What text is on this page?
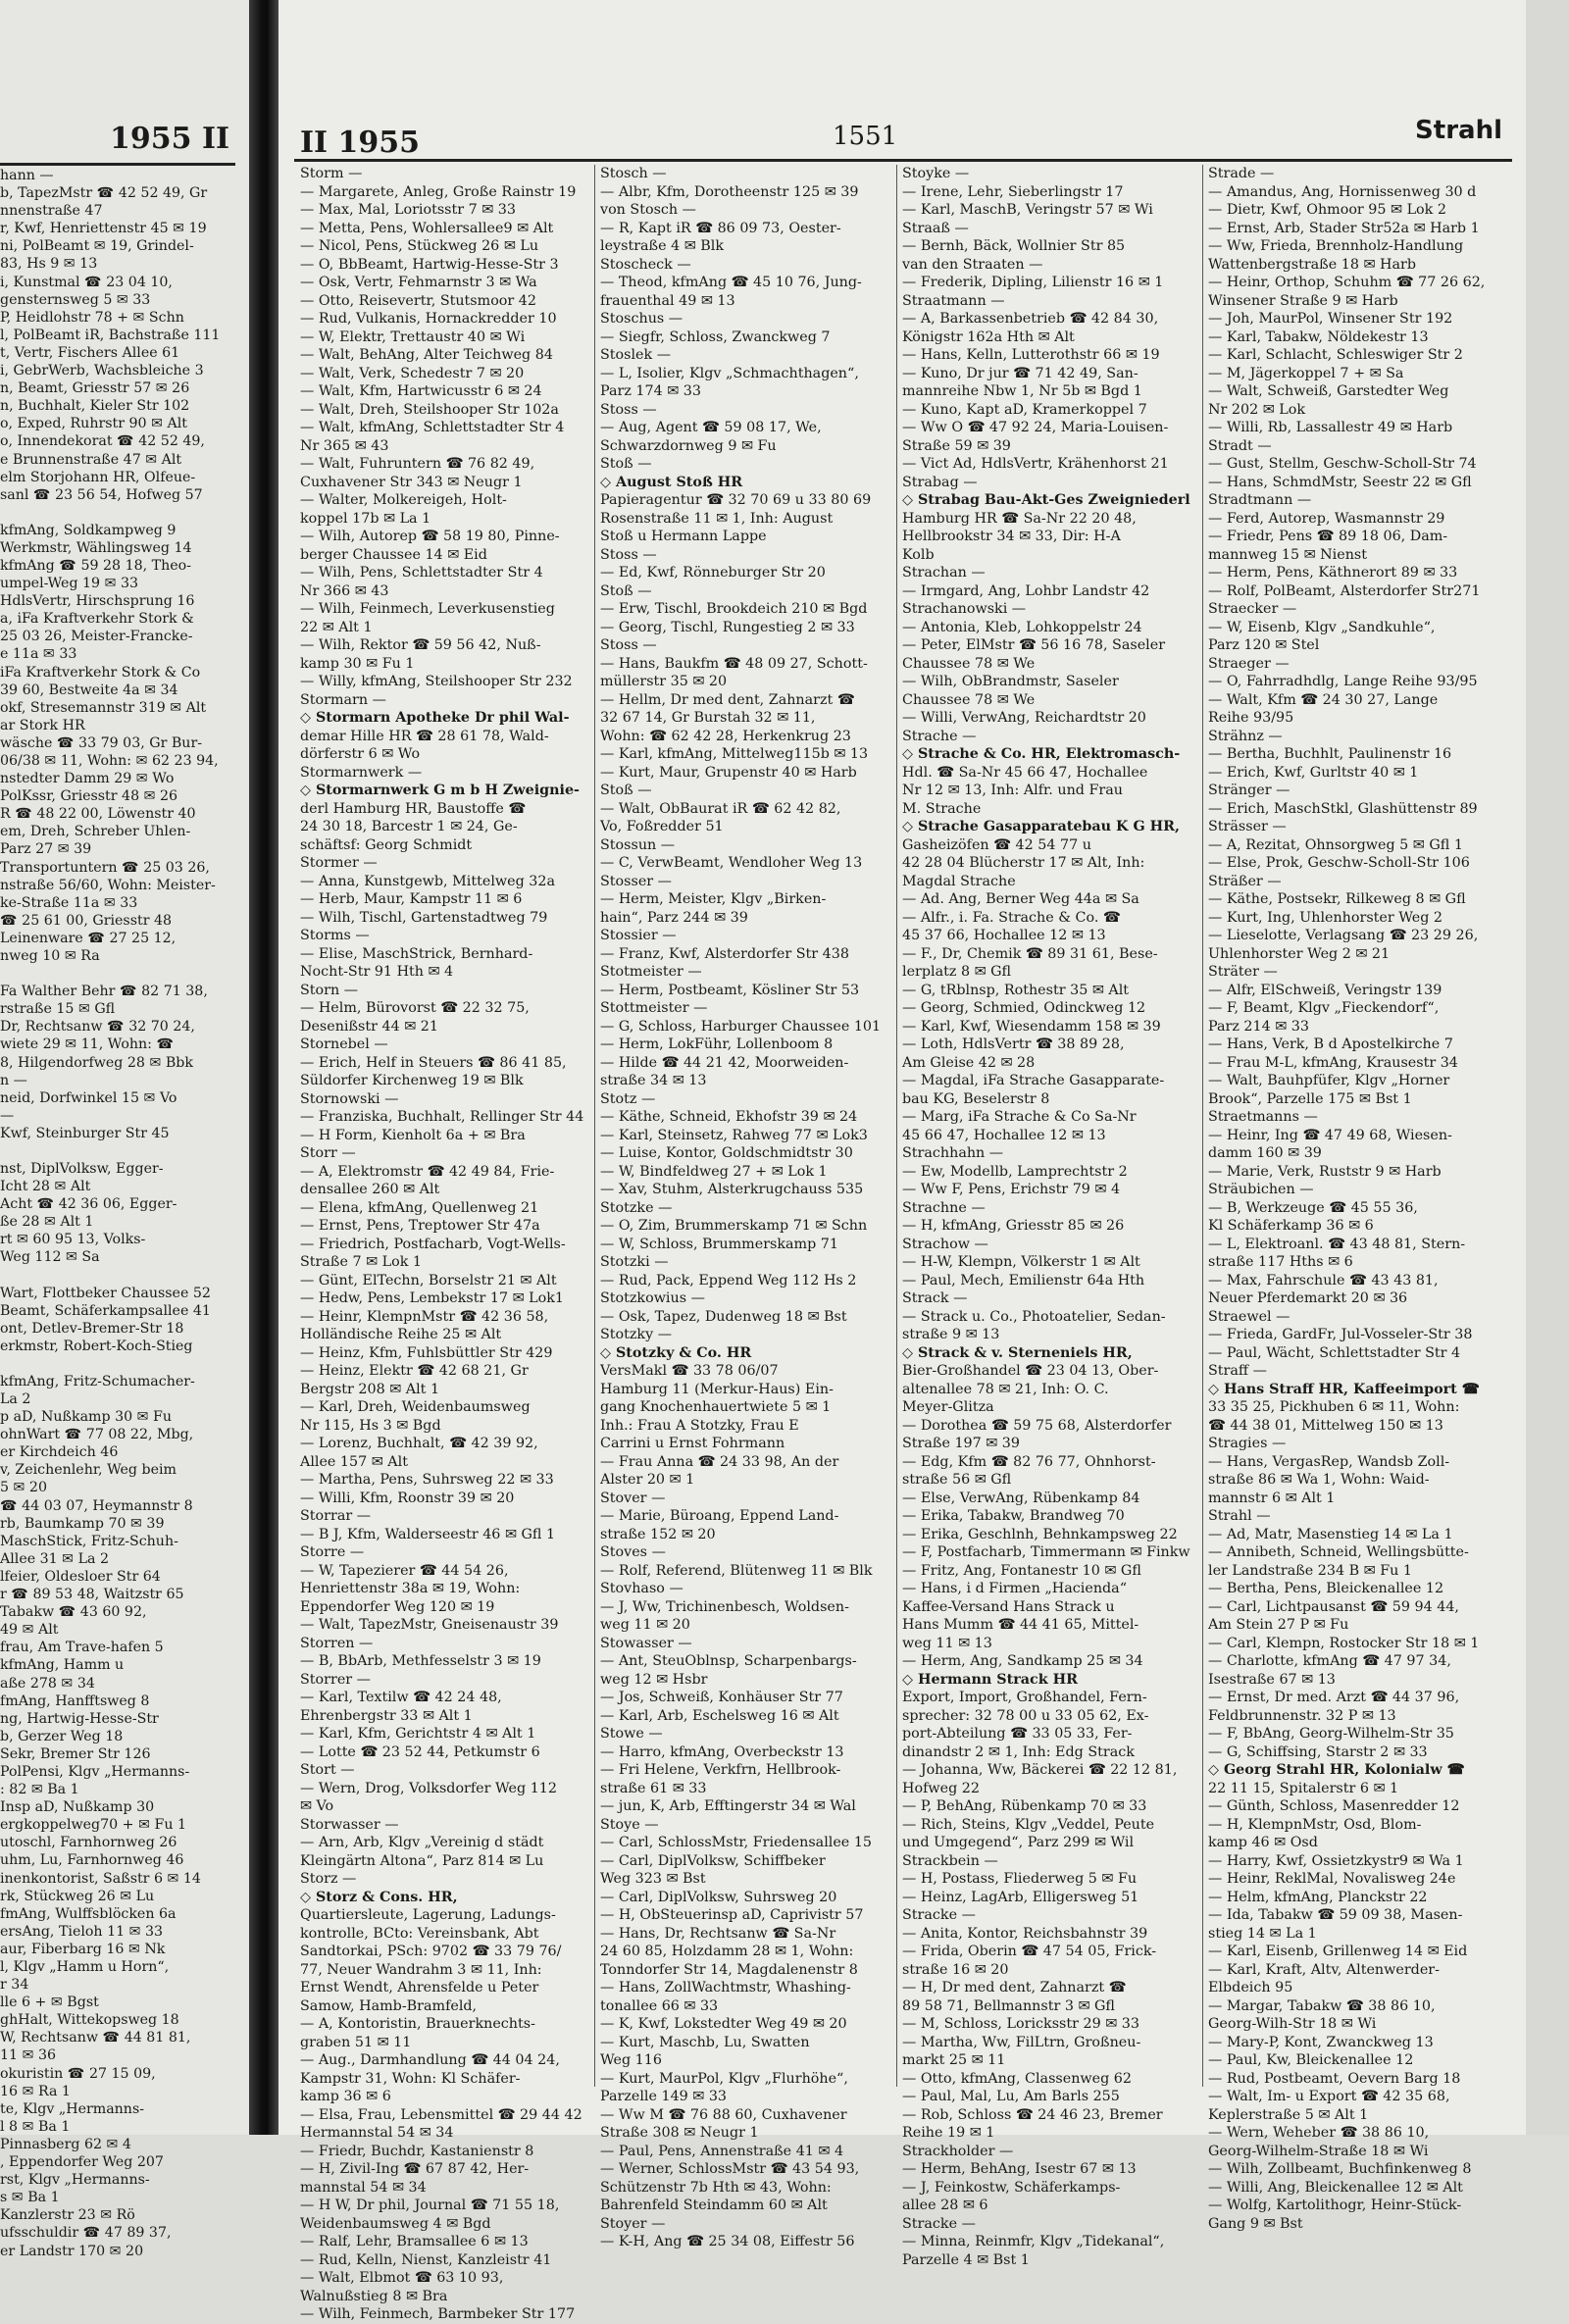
1955 II
hann —
b, TapezMstr ☎ 42 52 49, Gr
nnenstraße 47
r, Kwf, Henriettenstr 45 ✉ 19
ni, PolBeamt ✉ 19, Grindel-
83, Hs 9 ✉ 13
i, Kunstmal ☎ 23 04 10,
gensternsweg 5 ✉ 33
P, Heidlohstr 78 + ✉ Schn
l, PolBeamt iR, Bachstraße 111
t, Vertr, Fischers Allee 61
i, GebrWerb, Wachsbleiche 3
n, Beamt, Griesstr 57 ✉ 26
n, Buchhalt, Kieler Str 102
o, Exped, Ruhrstr 90 ✉ Alt
o, Innendekorat ☎ 42 52 49,
e Brunnenstraße 47 ✉ Alt
elm Storjohann HR, Olfeue-
sanl ☎ 23 56 54, Hofweg 57
kfmAng, Soldkampweg 9
Werkmstr, Wählingsweg 14
kfmAng ☎ 59 28 18, Theo-
umpel-Weg 19 ✉ 33
HdlsVertr, Hirschsprung 16
a, iFa Kraftverkehr Stork &
25 03 26, Meister-Francke-
e 11a ✉ 33
iFa Kraftverkehr Stork & Co
39 60, Bestweite 4a ✉ 34
okf, Stresemannstr 319 ✉ Alt
ar Stork HR
wäsche ☎ 33 79 03, Gr Bur-
06/38 ✉ 11, Wohn: ✉ 62 23 94,
nstedter Damm 29 ✉ Wo
PolKssr, Griesstr 48 ✉ 26
R ☎ 48 22 00, Löwenstr 40
em, Dreh, Schreber Uhlen-
Parz 27 ✉ 39
Transportuntern ☎ 25 03 26,
nstraße 56/60, Wohn: Meister-
ke-Straße 11a ✉ 33
☎ 25 61 00, Griesstr 48
Leinenware ☎ 27 25 12,
nweg 10 ✉ Ra
Fa Walther Behr ☎ 82 71 38,
rstraße 15 ✉ Gfl
Dr, Rechtsanw ☎ 32 70 24,
wiete 29 ✉ 11, Wohn: ☎
8, Hilgendorfweg 28 ✉ Bbk
n —
neid, Dorfwinkel 15 ✉ Vo
—
Kwf, Steinburger Str 45
nst, DiplVolksw, Egger-
Icht 28 ✉ Alt
Acht ☎ 42 36 06, Egger-
ße 28 ✉ Alt 1
rt ✉ 60 95 13, Volks-
Weg 112 ✉ Sa
Wart, Flottbeker Chaussee 52
Beamt, Schäferkampsallee 41
ont, Detlev-Bremer-Str 18
erkmstr, Robert-Koch-Stieg
kfmAng, Fritz-Schumacher-
La 2
p aD, Nußkamp 30 ✉ Fu
ohnWart ☎ 77 08 22, Mbg,
er Kirchdeich 46
v, Zeichenlehr, Weg beim
5 ✉ 20
☎ 44 03 07, Heymannstr 8
rb, Baumkamp 70 ✉ 39
MaschStick, Fritz-Schuh-
Allee 31 ✉ La 2
lfeier, Oldesloer Str 64
r ☎ 89 53 48, Waitzstr 65
Tabakw ☎ 43 60 92,
49 ✉ Alt
frau, Am Trave-hafen 5
kfmAng, Hamm u
aße 278 ✉ 34
fmAng, Hanfftsweg 8
ng, Hartwig-Hesse-Str
b, Gerzer Weg 18
Sekr, Bremer Str 126
PolPensi, Klgv „Hermanns-
: 82 ✉ Ba 1
Insp aD, Nußkamp 30
ergkoppelweg70 + ✉ Fu 1
utoschl, Farnhornweg 26
uhm, Lu, Farnhornweg 46
inenkontorist, Saßstr 6 ✉ 14
rk, Stückweg 26 ✉ Lu
fmAng, Wulffsblöcken 6a
ersAng, Tieloh 11 ✉ 33
aur, Fiberbarg 16 ✉ Nk
l, Klgv „Hamm u Horn“,
r 34
lle 6 + ✉ Bgst
ghHalt, Wittekopsweg 18
W, Rechtsanw ☎ 44 81 81,
11 ✉ 36
okuristin ☎ 27 15 09,
16 ✉ Ra 1
te, Klgv „Hermanns-
l 8 ✉ Ba 1
Pinnasberg 62 ✉ 4
, Eppendorfer Weg 207
rst, Klgv „Hermanns-
s ✉ Ba 1
Kanzlerstr 23 ✉ Rö
ufsschuldir ☎ 47 89 37,
er Landstr 170 ✉ 20
II 1955	1551	Strahl

Storm —

— Margarete, Anleg, Große Rainstr 19

— Max, Mal, Loriotsstr 7 ✉ 33

— Metta, Pens, Wohlersallee9 ✉ Alt

— Nicol, Pens, Stückweg 26 ✉ Lu

— O, BbBeamt, Hartwig-Hesse-Str 3

— Osk, Vertr, Fehmarnstr 3 ✉ Wa

— Otto, Reisevertr, Stutsmoor 42

— Rud, Vulkanis, Hornackredder 10

— W, Elektr, Trettaustr 40 ✉ Wi

— Walt, BehAng, Alter Teichweg 84

— Walt, Verk, Schedestr 7 ✉ 20

— Walt, Kfm, Hartwicusstr 6 ✉ 24

— Walt, Dreh, Steilshooper Str 102a

— Walt, kfmAng, Schlettstadter Str 4

Nr 365 ✉ 43

— Walt, Fuhruntern ☎ 76 82 49,

Cuxhavener Str 343 ✉ Neugr 1

— Walter, Molkereigeh, Holt-

koppel 17b ✉ La 1

— Wilh, Autorep ☎ 58 19 80, Pinne-

berger Chaussee 14 ✉ Eid

— Wilh, Pens, Schlettstadter Str 4

Nr 366 ✉ 43

— Wilh, Feinmech, Leverkusenstieg

22 ✉ Alt 1

— Wilh, Rektor ☎ 59 56 42, Nuß-

kamp 30 ✉ Fu 1

— Willy, kfmAng, Steilshooper Str 232

Stormarn —

◇ Stormarn Apotheke Dr phil Wal-

demar Hille HR ☎ 28 61 78, Wald-

dörferstr 6 ✉ Wo

Stormarnwerk —

◇ Stormarnwerk G m b H Zweignie-

derl Hamburg HR, Baustoffe ☎

24 30 18, Barcestr 1 ✉ 24, Ge-

schäftsf: Georg Schmidt

Stormer —

— Anna, Kunstgewb, Mittelweg 32a

— Herb, Maur, Kampstr 11 ✉ 6

— Wilh, Tischl, Gartenstadtweg 79

Storms —

— Elise, MaschStrick, Bernhard-

Nocht-Str 91 Hth ✉ 4

Storn —

— Helm, Bürovorst ☎ 22 32 75,

Desenißstr 44 ✉ 21

Stornebel —

— Erich, Helf in Steuers ☎ 86 41 85,

Süldorfer Kirchenweg 19 ✉ Blk

Stornowski —

— Franziska, Buchhalt, Rellinger Str 44

— H Form, Kienholt 6a + ✉ Bra

Storr —

— A, Elektromstr ☎ 42 49 84, Frie-

densallee 260 ✉ Alt

— Elena, kfmAng, Quellenweg 21

— Ernst, Pens, Treptower Str 47a

— Friedrich, Postfacharb, Vogt-Wells-

Straße 7 ✉ Lok 1

— Günt, ElTechn, Borselstr 21 ✉ Alt

— Hedw, Pens, Lembekstr 17 ✉ Lok1

— Heinr, KlempnMstr ☎ 42 36 58,

Holländische Reihe 25 ✉ Alt

— Heinz, Kfm, Fuhlsbüttler Str 429

— Heinz, Elektr ☎ 42 68 21, Gr

Bergstr 208 ✉ Alt 1

— Karl, Dreh, Weidenbaumsweg

Nr 115, Hs 3 ✉ Bgd

— Lorenz, Buchhalt, ☎ 42 39 92,

Allee 157 ✉ Alt

— Martha, Pens, Suhrsweg 22 ✉ 33

— Willi, Kfm, Roonstr 39 ✉ 20

Storrar —

— B J, Kfm, Walderseestr 46 ✉ Gfl 1

Storre —

— W, Tapezierer ☎ 44 54 26,

Henriettenstr 38a ✉ 19, Wohn:

Eppendorfer Weg 120 ✉ 19

— Walt, TapezMstr, Gneisenaustr 39

Storren —

— B, BbArb, Methfesselstr 3 ✉ 19

Storrer —

— Karl, Textilw ☎ 42 24 48,

Ehrenbergstr 33 ✉ Alt 1

— Karl, Kfm, Gerichtstr 4 ✉ Alt 1

— Lotte ☎ 23 52 44, Petkumstr 6

Stort —

— Wern, Drog, Volksdorfer Weg 112

✉ Vo

Storwasser —

— Arn, Arb, Klgv „Vereinig d städt

Kleingärtn Altona“, Parz 814 ✉ Lu

Storz —

◇ Storz & Cons. HR,

Quartiersleute, Lagerung, Ladungs-

kontrolle, BCto: Vereinsbank, Abt

Sandtorkai, PSch: 9702 ☎ 33 79 76/

77, Neuer Wandrahm 3 ✉ 11, Inh:

Ernst Wendt, Ahrensfelde u Peter

Samow, Hamb-Bramfeld,

— A, Kontoristin, Brauerknechts-

graben 51 ✉ 11

— Aug., Darmhandlung ☎ 44 04 24,

Kampstr 31, Wohn: Kl Schäfer-

kamp 36 ✉ 6

— Elsa, Frau, Lebensmittel ☎ 29 44 42

Hermannstal 54 ✉ 34

— Friedr, Buchdr, Kastanienstr 8

— H, Zivil-Ing ☎ 67 87 42, Her-

mannstal 54 ✉ 34

— H W, Dr phil, Journal ☎ 71 55 18,

Weidenbaumsweg 4 ✉ Bgd

— Ralf, Lehr, Bramsallee 6 ✉ 13

— Rud, Kelln, Nienst, Kanzleistr 41

— Walt, Elbmot ☎ 63 10 93,

Walnußstieg 8 ✉ Bra

— Wilh, Feinmech, Barmbeker Str 177

Stosch —

— Albr, Kfm, Dorotheenstr 125 ✉ 39

von Stosch —

— R, Kapt iR ☎ 86 09 73, Oester-

leystraße 4 ✉ Blk

Stoscheck —

— Theod, kfmAng ☎ 45 10 76, Jung-

frauenthal 49 ✉ 13

Stoschus —

— Siegfr, Schloss, Zwanckweg 7

Stoslek —

— L, Isolier, Klgv „Schmachthagen“,

Parz 174 ✉ 33

Stoss —

— Aug, Agent ☎ 59 08 17, We,

Schwarzdornweg 9 ✉ Fu

Stoß —

◇ August Stoß HR

Papieragentur ☎ 32 70 69 u 33 80 69

Rosenstraße 11 ✉ 1, Inh: August

Stoß u Hermann Lappe

Stoss —

— Ed, Kwf, Rönneburger Str 20

Stoß —

— Erw, Tischl, Brookdeich 210 ✉ Bgd

— Georg, Tischl, Rungestieg 2 ✉ 33

Stoss —

— Hans, Baukfm ☎ 48 09 27, Schott-

müllerstr 35 ✉ 20

— Hellm, Dr med dent, Zahnarzt ☎

32 67 14, Gr Burstah 32 ✉ 11,

Wohn: ☎ 62 42 28, Herkenkrug 23

— Karl, kfmAng, Mittelweg115b ✉ 13

— Kurt, Maur, Grupenstr 40 ✉ Harb

Stoß —

— Walt, ObBaurat iR ☎ 62 42 82,

Vo, Foßredder 51

Stossun —

— C, VerwBeamt, Wendloher Weg 13

Stosser —

— Herm, Meister, Klgv „Birken-

hain“, Parz 244 ✉ 39

Stossier —

— Franz, Kwf, Alsterdorfer Str 438

Stotmeister —

— Herm, Postbeamt, Kösliner Str 53

Stottmeister —

— G, Schloss, Harburger Chaussee 101

— Herm, LokFühr, Lollenboom 8

— Hilde ☎ 44 21 42, Moorweiden-

straße 34 ✉ 13

Stotz —

— Käthe, Schneid, Ekhofstr 39 ✉ 24

— Karl, Steinsetz, Rahweg 77 ✉ Lok3

— Luise, Kontor, Goldschmidtstr 30

— W, Bindfeldweg 27 + ✉ Lok 1

— Xav, Stuhm, Alsterkrugchauss 535

Stotzke —

— O, Zim, Brummerskamp 71 ✉ Schn

— W, Schloss, Brummerskamp 71

Stotzki —

— Rud, Pack, Eppend Weg 112 Hs 2

Stotzkowius —

— Osk, Tapez, Dudenweg 18 ✉ Bst

Stotzky —

◇ Stotzky & Co. HR

VersMakl ☎ 33 78 06/07

Hamburg 11 (Merkur-Haus) Ein-

gang Knochenhauertwiete 5 ✉ 1

Inh.: Frau A Stotzky, Frau E

Carrini u Ernst Fohrmann

— Frau Anna ☎ 24 33 98, An der

Alster 20 ✉ 1

Stover —

— Marie, Büroang, Eppend Land-

straße 152 ✉ 20

Stoves —

— Rolf, Referend, Blütenweg 11 ✉ Blk

Stovhaso —

— J, Ww, Trichinenbesch, Woldsen-

weg 11 ✉ 20

Stowasser —

— Ant, SteuOblnsp, Scharpenbargs-

weg 12 ✉ Hsbr

— Jos, Schweiß, Konhäuser Str 77

— Karl, Arb, Eschelsweg 16 ✉ Alt

Stowe —

— Harro, kfmAng, Overbeckstr 13

— Fri Helene, Verkfrn, Hellbrook-

straße 61 ✉ 33

— jun, K, Arb, Efftingerstr 34 ✉ Wal

Stoye —

— Carl, SchlossMstr, Friedensallee 15

— Carl, DiplVolksw, Schiffbeker

Weg 323 ✉ Bst

— Carl, DiplVolksw, Suhrsweg 20

— H, ObSteuerinsp aD, Caprivistr 57

— Hans, Dr, Rechtsanw ☎ Sa-Nr

24 60 85, Holzdamm 28 ✉ 1, Wohn:

Tonndorfer Str 14, Magdalenenstr 8

— Hans, ZollWachtmstr, Whashing-

tonallee 66 ✉ 33

— K, Kwf, Lokstedter Weg 49 ✉ 20

— Kurt, Maschb, Lu, Swatten

Weg 116

— Kurt, MaurPol, Klgv „Flurhöhe“,

Parzelle 149 ✉ 33

— Ww M ☎ 76 88 60, Cuxhavener

Straße 308 ✉ Neugr 1

— Paul, Pens, Annenstraße 41 ✉ 4

— Werner, SchlossMstr ☎ 43 54 93,

Schützenstr 7b Hth ✉ 43, Wohn:

Bahrenfeld Steindamm 60 ✉ Alt

Stoyer —

— K-H, Ang ☎ 25 34 08, Eiffestr 56

Stoyke —

— Irene, Lehr, Sieberlingstr 17

— Karl, MaschB, Veringstr 57 ✉ Wi

Straaß —

— Bernh, Bäck, Wollnier Str 85

van den Straaten —

— Frederik, Dipling, Lilienstr 16 ✉ 1

Straatmann —

— A, Barkassenbetrieb ☎ 42 84 30,

Königstr 162a Hth ✉ Alt

— Hans, Kelln, Lutterothstr 66 ✉ 19

— Kuno, Dr jur ☎ 71 42 49, San-

mannreihe Nbw 1, Nr 5b ✉ Bgd 1

— Kuno, Kapt aD, Kramerkoppel 7

— Ww O ☎ 47 92 24, Maria-Louisen-

Straße 59 ✉ 39

— Vict Ad, HdlsVertr, Krähenhorst 21

Strabag —

◇ Strabag Bau-Akt-Ges Zweigniederl

Hamburg HR ☎ Sa-Nr 22 20 48,

Hellbrookstr 34 ✉ 33, Dir: H-A

Kolb

Strachan —

— Irmgard, Ang, Lohbr Landstr 42

Strachanowski —

— Antonia, Kleb, Lohkoppelstr 24

— Peter, ElMstr ☎ 56 16 78, Saseler

Chaussee 78 ✉ We

— Wilh, ObBrandmstr, Saseler

Chaussee 78 ✉ We

— Willi, VerwAng, Reichardtstr 20

Strache —

◇ Strache & Co. HR, Elektromasch-

Hdl. ☎ Sa-Nr 45 66 47, Hochallee

Nr 12 ✉ 13, Inh: Alfr. und Frau

M. Strache

◇ Strache Gasapparatebau K G HR,

Gasheizöfen ☎ 42 54 77 u

42 28 04 Blücherstr 17 ✉ Alt, Inh:

Magdal Strache

— Ad. Ang, Berner Weg 44a ✉ Sa

— Alfr., i. Fa. Strache & Co. ☎

45 37 66, Hochallee 12 ✉ 13

— F., Dr, Chemik ☎ 89 31 61, Bese-

lerplatz 8 ✉ Gfl

— G, tRblnsp, Rothestr 35 ✉ Alt

— Georg, Schmied, Odinckweg 12

— Karl, Kwf, Wiesendamm 158 ✉ 39

— Loth, HdlsVertr ☎ 38 89 28,

Am Gleise 42 ✉ 28

— Magdal, iFa Strache Gasapparate-

bau KG, Beselerstr 8

— Marg, iFa Strache & Co Sa-Nr

45 66 47, Hochallee 12 ✉ 13

Strachhahn —

— Ew, Modellb, Lamprechtstr 2

— Ww F, Pens, Erichstr 79 ✉ 4

Strachne —

— H, kfmAng, Griesstr 85 ✉ 26

Strachow —

— H-W, Klempn, Völkerstr 1 ✉ Alt

— Paul, Mech, Emilienstr 64a Hth

Strack —

— Strack u. Co., Photoatelier, Sedan-

straße 9 ✉ 13

◇ Strack & v. Sterneniels HR,

Bier-Großhandel ☎ 23 04 13, Ober-

altenallee 78 ✉ 21, Inh: O. C.

Meyer-Glitza

— Dorothea ☎ 59 75 68, Alsterdorfer

Straße 197 ✉ 39

— Edg, Kfm ☎ 82 76 77, Ohnhorst-

straße 56 ✉ Gfl

— Else, VerwAng, Rübenkamp 84

— Erika, Tabakw, Brandweg 70

— Erika, Geschlnh, Behnkampsweg 22

— F, Postfacharb, Timmermann ✉ Finkw

— Fritz, Ang, Fontanestr 10 ✉ Gfl

— Hans, i d Firmen „Hacienda“

Kaffee-Versand Hans Strack u

Hans Mumm ☎ 44 41 65, Mittel-

weg 11 ✉ 13

— Herm, Ang, Sandkamp 25 ✉ 34

◇ Hermann Strack HR

Export, Import, Großhandel, Fern-

sprecher: 32 78 00 u 33 05 62, Ex-

port-Abteilung ☎ 33 05 33, Fer-

dinandstr 2 ✉ 1, Inh: Edg Strack

— Johanna, Ww, Bäckerei ☎ 22 12 81,

Hofweg 22

— P, BehAng, Rübenkamp 70 ✉ 33

— Rich, Steins, Klgv „Veddel, Peute

und Umgegend“, Parz 299 ✉ Wil

Strackbein —

— H, Postass, Fliederweg 5 ✉ Fu

— Heinz, LagArb, Elligersweg 51

Stracke —

— Anita, Kontor, Reichsbahnstr 39

— Frida, Oberin ☎ 47 54 05, Frick-

straße 16 ✉ 20

— H, Dr med dent, Zahnarzt ☎

89 58 71, Bellmannstr 3 ✉ Gfl

— M, Schloss, Loricksstr 29 ✉ 33

— Martha, Ww, FilLtrn, Großneu-

markt 25 ✉ 11

— Otto, kfmAng, Classenweg 62

— Paul, Mal, Lu, Am Barls 255

— Rob, Schloss ☎ 24 46 23, Bremer

Reihe 19 ✉ 1

Strackholder —

— Herm, BehAng, Isestr 67 ✉ 13

— J, Feinkostw, Schäferkamps-

allee 28 ✉ 6

Stracke —

— Minna, Reinmfr, Klgv „Tidekanal“,

Parzelle 4 ✉ Bst 1

Strade —

— Amandus, Ang, Hornissenweg 30 d

— Dietr, Kwf, Ohmoor 95 ✉ Lok 2

— Ernst, Arb, Stader Str52a ✉ Harb 1

— Ww, Frieda, Brennholz-Handlung

Wattenbergstraße 18 ✉ Harb

— Heinr, Orthop, Schuhm ☎ 77 26 62,

Winsener Straße 9 ✉ Harb

— Joh, MaurPol, Winsener Str 192

— Karl, Tabakw, Nöldekestr 13

— Karl, Schlacht, Schleswiger Str 2

— M, Jägerkoppel 7 + ✉ Sa

— Walt, Schweiß, Garstedter Weg

Nr 202 ✉ Lok

— Willi, Rb, Lassallestr 49 ✉ Harb

Stradt —

— Gust, Stellm, Geschw-Scholl-Str 74

— Hans, SchmdMstr, Seestr 22 ✉ Gfl

Stradtmann —

— Ferd, Autorep, Wasmannstr 29

— Friedr, Pens ☎ 89 18 06, Dam-

mannweg 15 ✉ Nienst

— Herm, Pens, Käthnerort 89 ✉ 33

— Rolf, PolBeamt, Alsterdorfer Str271

Straecker —

— W, Eisenb, Klgv „Sandkuhle“,

Parz 120 ✉ Stel

Straeger —

— O, Fahrradhdlg, Lange Reihe 93/95

— Walt, Kfm ☎ 24 30 27, Lange

Reihe 93/95

Strähnz —

— Bertha, Buchhlt, Paulinenstr 16

— Erich, Kwf, Gurltstr 40 ✉ 1

Stränger —

— Erich, MaschStkl, Glashüttenstr 89

Strässer —

— A, Rezitat, Ohnsorgweg 5 ✉ Gfl 1

— Else, Prok, Geschw-Scholl-Str 106

Sträßer —

— Käthe, Postsekr, Rilkeweg 8 ✉ Gfl

— Kurt, Ing, Uhlenhorster Weg 2

— Lieselotte, Verlagsang ☎ 23 29 26,

Uhlenhorster Weg 2 ✉ 21

Sträter —

— Alfr, ElSchweiß, Veringstr 139

— F, Beamt, Klgv „Fieckendorf“,

Parz 214 ✉ 33

— Hans, Verk, B d Apostelkirche 7

— Frau M-L, kfmAng, Krausestr 34

— Walt, Bauhpfüfer, Klgv „Horner

Brook“, Parzelle 175 ✉ Bst 1

Straetmanns —

— Heinr, Ing ☎ 47 49 68, Wiesen-

damm 160 ✉ 39

— Marie, Verk, Ruststr 9 ✉ Harb

Sträubichen —

— B, Werkzeuge ☎ 45 55 36,

Kl Schäferkamp 36 ✉ 6

— L, Elektroanl. ☎ 43 48 81, Stern-

straße 117 Hths ✉ 6

— Max, Fahrschule ☎ 43 43 81,

Neuer Pferdemarkt 20 ✉ 36

Straewel —

— Frieda, GardFr, Jul-Vosseler-Str 38

— Paul, Wächt, Schlettstadter Str 4

Straff —

◇ Hans Straff HR, Kaffeeimport ☎

33 35 25, Pickhuben 6 ✉ 11, Wohn:

☎ 44 38 01, Mittelweg 150 ✉ 13

Stragies —

— Hans, VergasRep, Wandsb Zoll-

straße 86 ✉ Wa 1, Wohn: Waid-

mannstr 6 ✉ Alt 1

Strahl —

— Ad, Matr, Masenstieg 14 ✉ La 1

— Annibeth, Schneid, Wellingsbütte-

ler Landstraße 234 B ✉ Fu 1

— Bertha, Pens, Bleickenallee 12

— Carl, Lichtpausanst ☎ 59 94 44,

Am Stein 27 P ✉ Fu

— Carl, Klempn, Rostocker Str 18 ✉ 1

— Charlotte, kfmAng ☎ 47 97 34,

Isestraße 67 ✉ 13

— Ernst, Dr med. Arzt ☎ 44 37 96,

Feldbrunnenstr. 32 P ✉ 13

— F, BbAng, Georg-Wilhelm-Str 35

— G, Schiffsing, Starstr 2 ✉ 33

◇ Georg Strahl HR, Kolonialw ☎

22 11 15, Spitalerstr 6 ✉ 1

— Günth, Schloss, Masenredder 12

— H, KlempnMstr, Osd, Blom-

kamp 46 ✉ Osd

— Harry, Kwf, Ossietzkystr9 ✉ Wa 1

— Heinr, ReklMal, Novalisweg 24e

— Helm, kfmAng, Planckstr 22

— Ida, Tabakw ☎ 59 09 38, Masen-

stieg 14 ✉ La 1

— Karl, Eisenb, Grillenweg 14 ✉ Eid

— Karl, Kraft, Altv, Altenwerder-

Elbdeich 95

— Margar, Tabakw ☎ 38 86 10,

Georg-Wilh-Str 18 ✉ Wi

— Mary-P, Kont, Zwanckweg 13

— Paul, Kw, Bleickenallee 12

— Rud, Postbeamt, Oevern Barg 18

— Walt, Im- u Export ☎ 42 35 68,

Keplerstraße 5 ✉ Alt 1

— Wern, Weheber ☎ 38 86 10,

Georg-Wilhelm-Straße 18 ✉ Wi

— Wilh, Zollbeamt, Buchfinkenweg 8

— Willi, Ang, Bleickenallee 12 ✉ Alt

— Wolfg, Kartolithogr, Heinr-Stück-

Gang 9 ✉ Bst
